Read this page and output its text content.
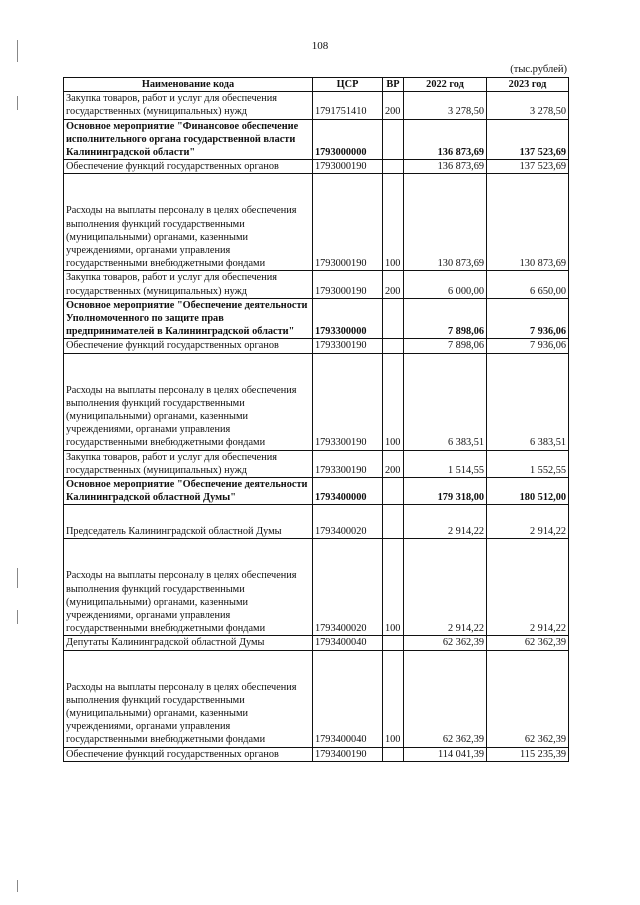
108
(тыс.рублей)
Наименование кода	ЦСР	ВР	2022 год	2023 год
Закупка товаров, работ и услуг для обеспечения государственных (муниципальных) нужд	1791751410	200	3 278,50	3 278,50
Основное мероприятие "Финансовое обеспечение исполнительного органа государственной власти Калининградской области"	1793000000		136 873,69	137 523,69
Обеспечение функций государственных органов	1793000190		136 873,69	137 523,69
Расходы на выплаты персоналу в целях обеспечения выполнения функций государственными (муниципальными) органами, казенными учреждениями, органами управления государственными внебюджетными фондами	1793000190	100	130 873,69	130 873,69
Закупка товаров, работ и услуг для обеспечения государственных (муниципальных) нужд	1793000190	200	6 000,00	6 650,00
Основное мероприятие "Обеспечение деятельности Уполномоченного по защите прав предпринимателей в Калининградской области"	1793300000		7 898,06	7 936,06
Обеспечение функций государственных органов	1793300190		7 898,06	7 936,06
Расходы на выплаты персоналу в целях обеспечения выполнения функций государственными (муниципальными) органами, казенными учреждениями, органами управления государственными внебюджетными фондами	1793300190	100	6 383,51	6 383,51
Закупка товаров, работ и услуг для обеспечения государственных (муниципальных) нужд	1793300190	200	1 514,55	1 552,55
Основное мероприятие "Обеспечение деятельности Калининградской областной Думы"	1793400000		179 318,00	180 512,00
Председатель Калининградской областной Думы	1793400020		2 914,22	2 914,22
Расходы на выплаты персоналу в целях обеспечения выполнения функций государственными (муниципальными) органами, казенными учреждениями, органами управления государственными внебюджетными фондами	1793400020	100	2 914,22	2 914,22
Депутаты Калининградской областной Думы	1793400040		62 362,39	62 362,39
Расходы на выплаты персоналу в целях обеспечения выполнения функций государственными (муниципальными) органами, казенными учреждениями, органами управления государственными внебюджетными фондами	1793400040	100	62 362,39	62 362,39
Обеспечение функций государственных органов	1793400190		114 041,39	115 235,39
